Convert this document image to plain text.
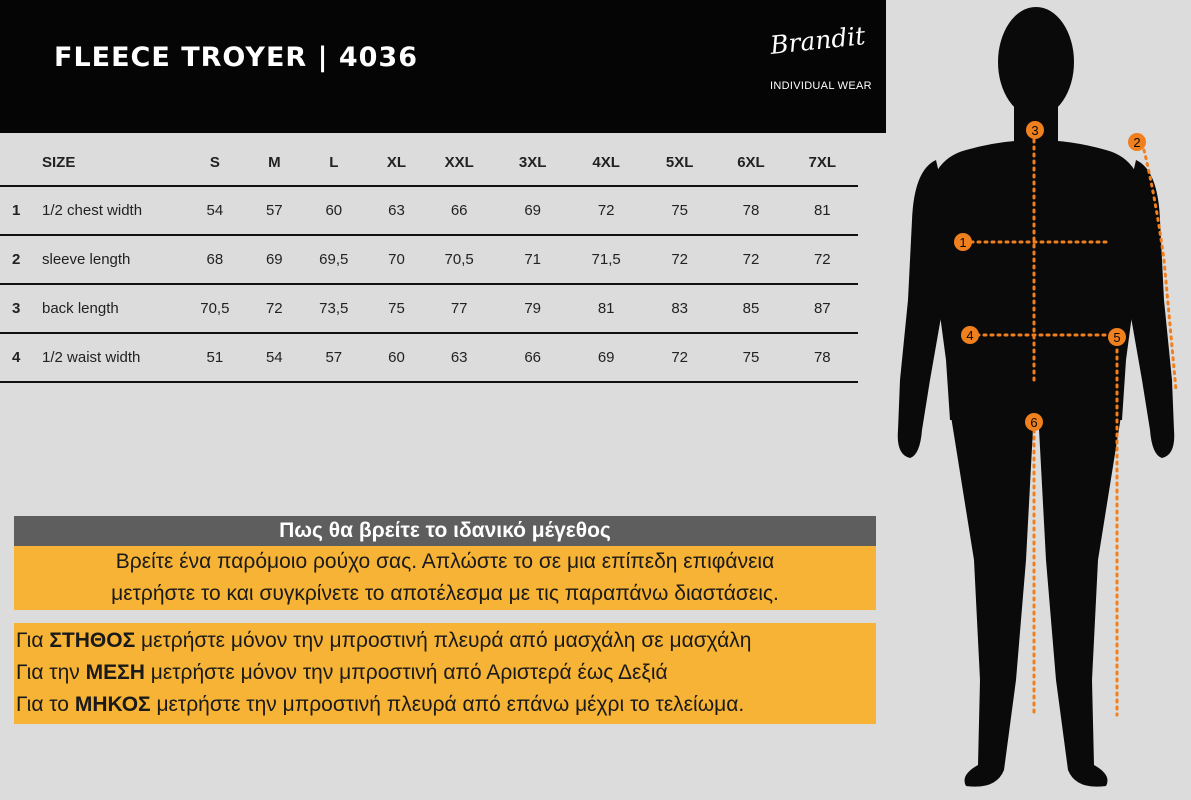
FLEECE TROYER | 4036	Brandit
INDIVIDUAL WEAR
	SIZE	S	M	L	XL	XXL	3XL	4XL	5XL	6XL	7XL
1	1/2 chest width	54	57	60	63	66	69	72	75	78	81
2	sleeve length	68	69	69,5	70	70,5	71	71,5	72	72	72
3	back length	70,5	72	73,5	75	77	79	81	83	85	87
4	1/2 waist width	51	54	57	60	63	66	69	72	75	78
Πως θα βρείτε το ιδανικό μέγεθος
Βρείτε ένα παρόμοιο ρούχο σας. Απλώστε το σε μια επίπεδη επιφάνεια
μετρήστε το και συγκρίνετε το αποτέλεσμα με τις παραπάνω διαστάσεις.
Για ΣΤΗΘΟΣ μετρήστε μόνον την μπροστινή πλευρά από μασχάλη σε μασχάλη
Για την ΜΕΣΗ μετρήστε μόνον την μπροστινή από Αριστερά έως Δεξιά
Για το ΜΗΚΟΣ μετρήστε την μπροστινή πλευρά από επάνω μέχρι το τελείωμα.
1
2
3
4	5
6
